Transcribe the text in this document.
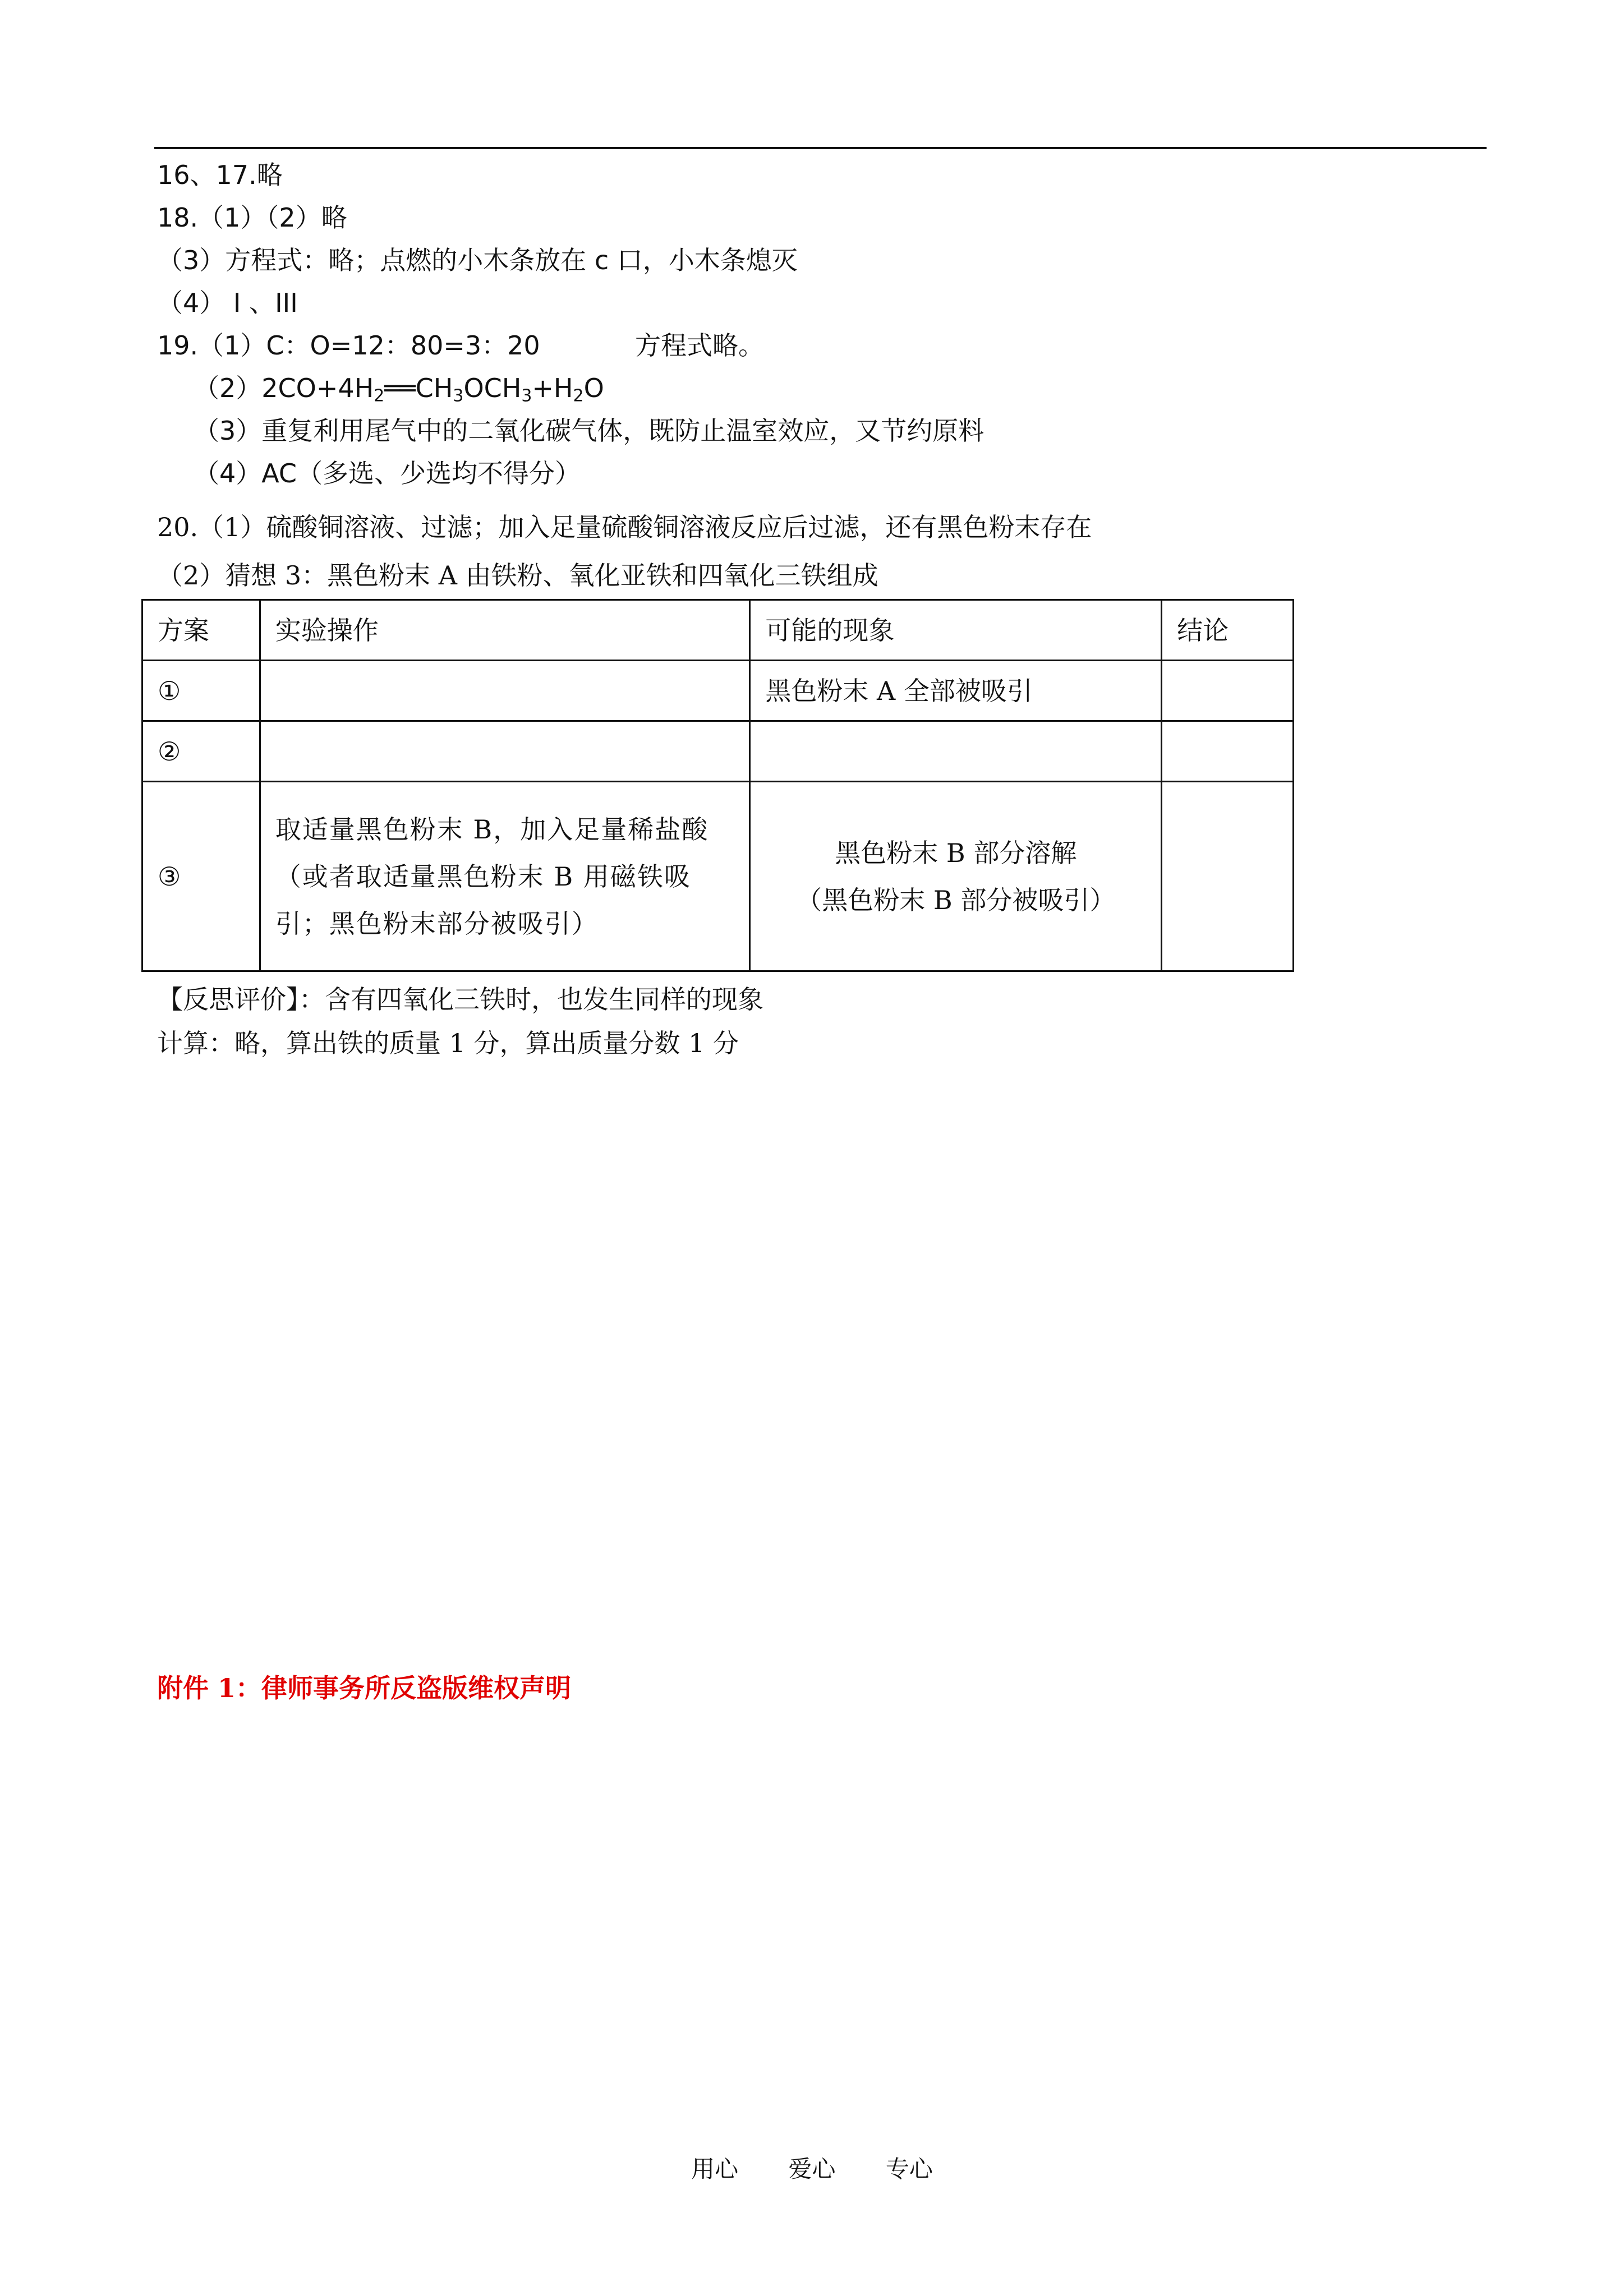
16、17.略
18.（1）（2）略
（3）方程式：略；点燃的小木条放在 c 口，小木条熄灭
（4） I 、III
19.（1）C：O=12：80=3：20	方程式略。
$(2)2CO+4H_2══CH_3OCH_3+H_2O$
（3）重复利用尾气中的二氧化碳气体，既防止温室效应，又节约原料
（4）AC（多选、少选均不得分）
20.（1）硫酸铜溶液、过滤；加入足量硫酸铜溶液反应后过滤，还有黑色粉末存在
（2）猜想 3：黑色粉末 A 由铁粉、氧化亚铁和四氧化三铁组成
方案	实验操作	可能的现象	结论
①		黑色粉末 A 全部被吸引	
②			
③	取适量黑色粉末 B，加入足量稀盐酸（或者取适量黑色粉末 B 用磁铁吸引；黑色粉末部分被吸引）	黑色粉末 B 部分溶解
（黑色粉末 B 部分被吸引）	

【反思评价】：含有四氧化三铁时，也发生同样的现象
计算：略，算出铁的质量 1 分，算出质量分数 1 分
附件 1：律师事务所反盗版维权声明
用心 爱心 专心
